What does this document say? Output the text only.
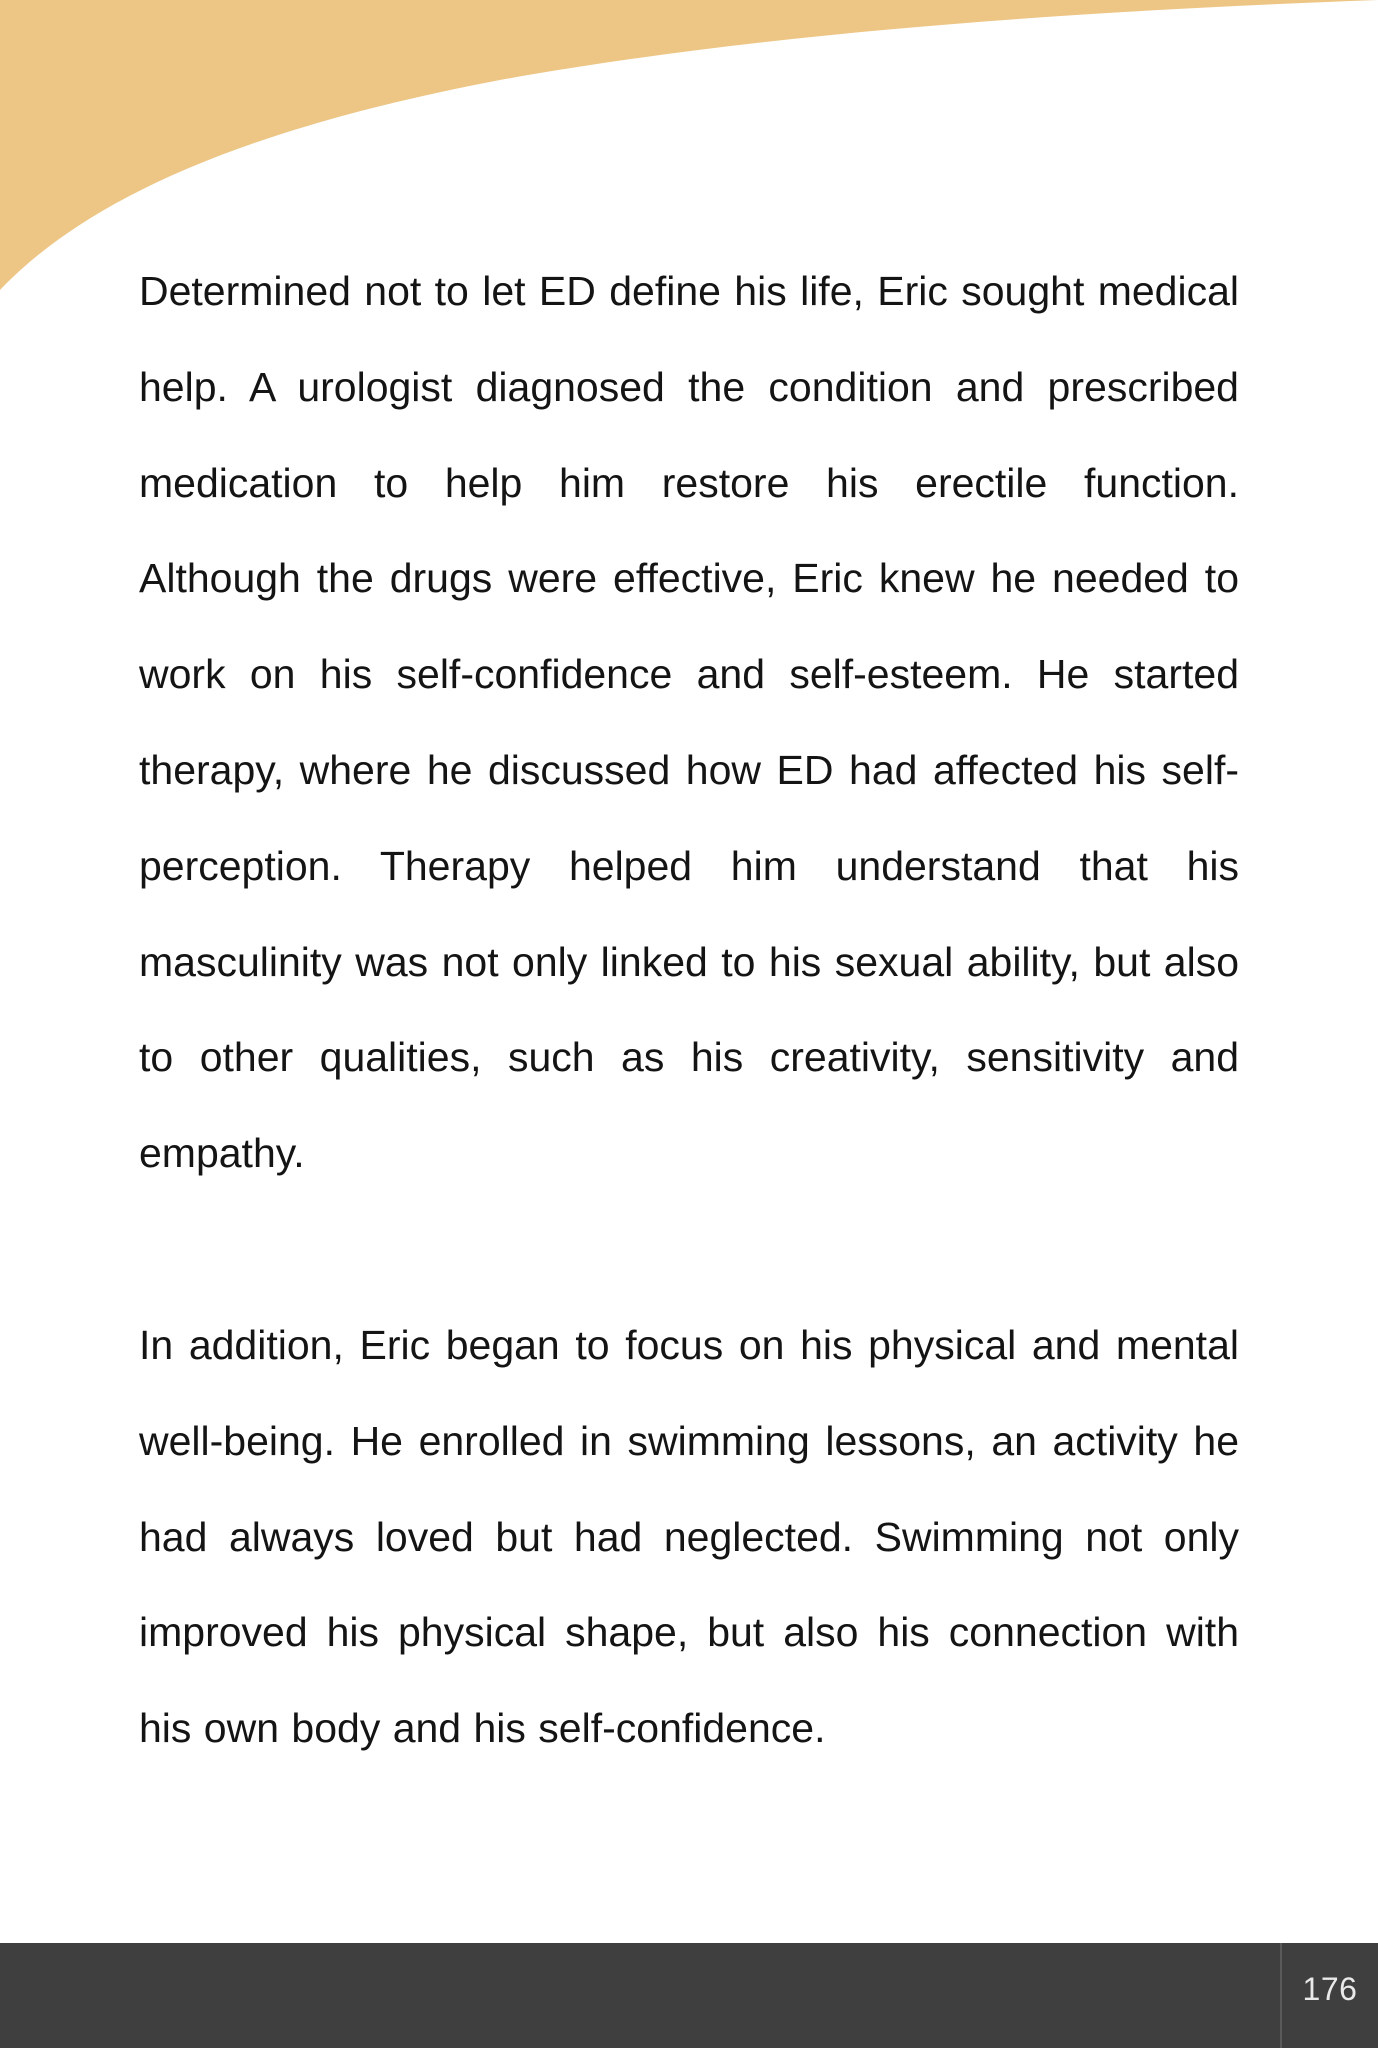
Determined not to let ED define his life, Eric sought medical help. A urologist diagnosed the condition and prescribed medication to help him restore his erectile function. Although the drugs were effective, Eric knew he needed to work on his self-confidence and self-esteem. He started therapy, where he discussed how ED had affected his self-perception. Therapy helped him understand that his masculinity was not only linked to his sexual ability, but also to other qualities, such as his creativity, sensitivity and empathy.

In addition, Eric began to focus on his physical and mental well-being. He enrolled in swimming lessons, an activity he had always loved but had neglected. Swimming not only improved his physical shape, but also his connection with his own body and his self-confidence.

176
